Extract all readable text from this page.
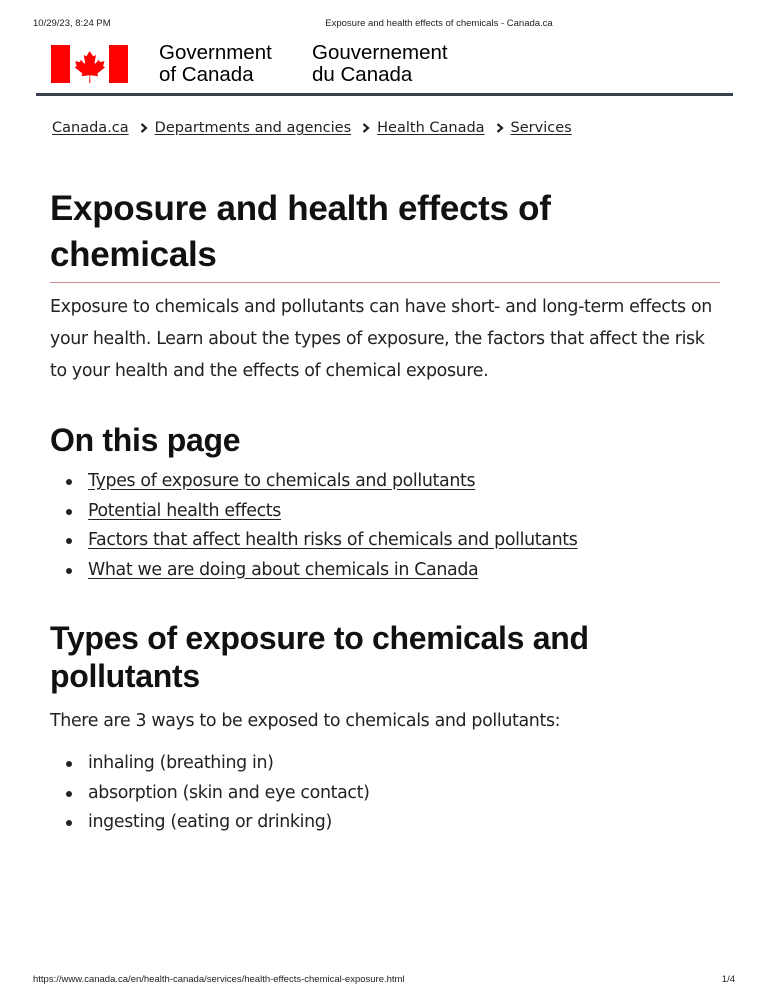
10/29/23, 8:24 PM	Exposure and health effects of chemicals - Canada.ca
Government
of Canada
Gouvernement
du Canada
Canada.ca Departments and agencies Health Canada Services
Exposure and health effects of chemicals

Exposure to chemicals and pollutants can have short- and long-term effects on your health. Learn about the types of exposure, the factors that affect the risk to your health and the effects of chemical exposure.

On this page
Types of exposure to chemicals and pollutants
Potential health effects
Factors that affect health risks of chemicals and pollutants
What we are doing about chemicals in Canada
Types of exposure to chemicals and pollutants

There are 3 ways to be exposed to chemicals and pollutants:

inhaling (breathing in)
absorption (skin and eye contact)
ingesting (eating or drinking)
https://www.canada.ca/en/health-canada/services/health-effects-chemical-exposure.html	1/4
